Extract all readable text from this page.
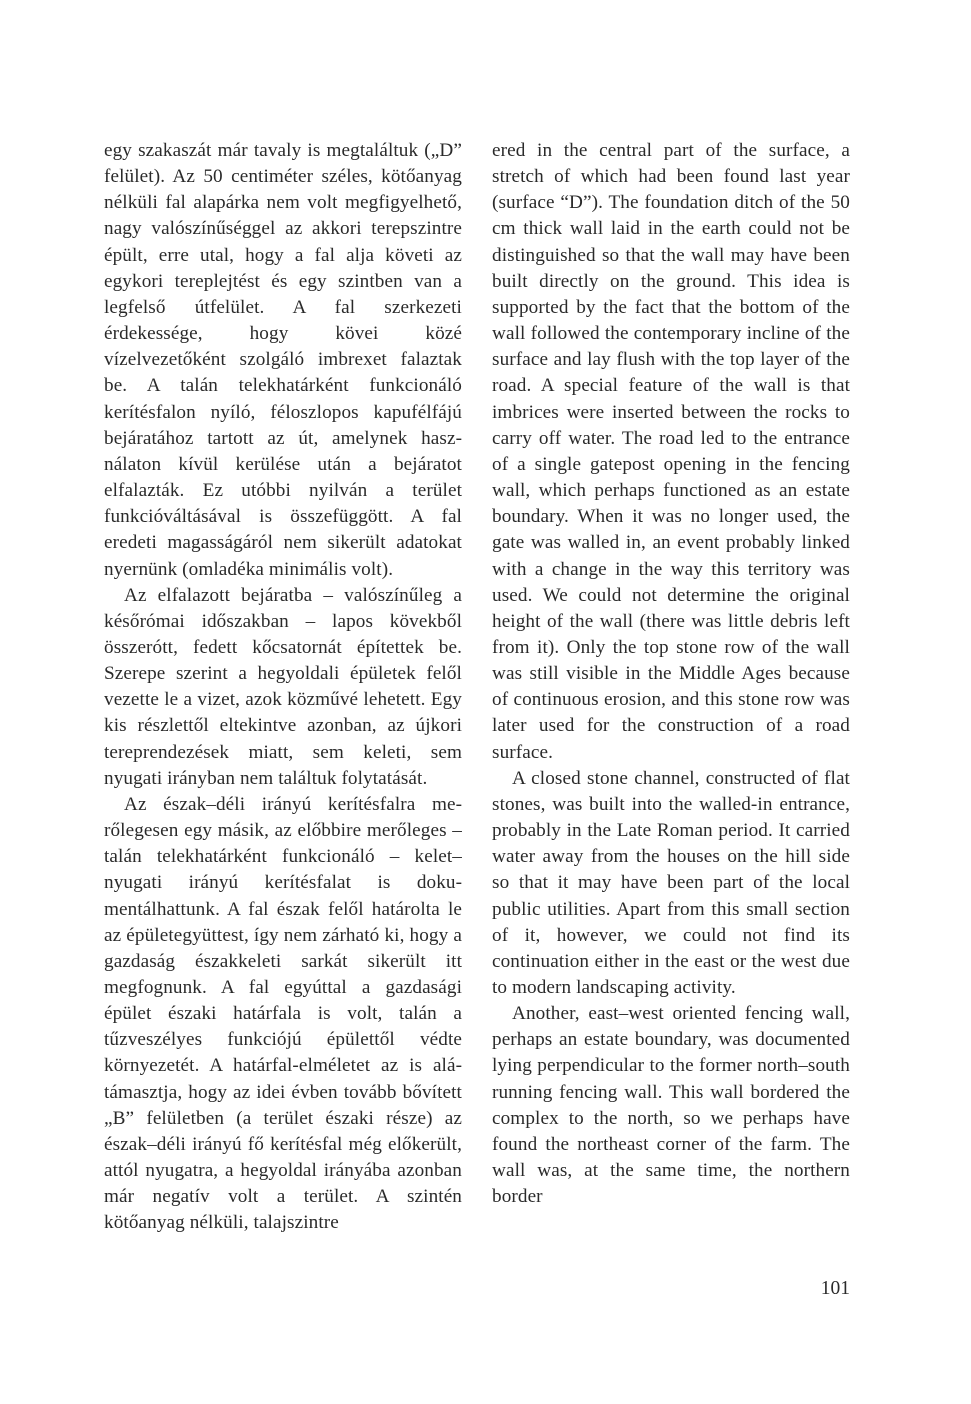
egy szakaszát már tavaly is megtaláltuk („D” felület). Az 50 centiméter széles, kötőanyag nélküli fal alapárka nem volt megfigyelhető, nagy valószínűséggel az akkori terepszintre épült, erre utal, hogy a fal alja követi az egykori tereplejtést és egy szintben van a legfelső útfelület. A fal szerkezeti érdekessége, hogy kövei közé vízelvezetőként szolgáló imbrexet falaztak be. A talán telekhatárként funkcionáló kerítésfalon nyíló, féloszlopos kapufélfájú bejáratához tartott az út, amelynek használaton kívül kerülése után a bejáratot elfalazták. Ez utóbbi nyilván a terület funkcióváltásával is összefüggött. A fal eredeti magasságáról nem sikerült adatokat nyernünk (omladéka minimális volt).

Az elfalazott bejáratba – valószínűleg a későrómai időszakban – lapos kövekből összerótt, fedett kőcsatornát építettek be. Szerepe szerint a hegyoldali épületek felől vezette le a vizet, azok közművé lehetett. Egy kis részlettől eltekintve azonban, az újkori tereprendezések miatt, sem keleti, sem nyugati irányban nem találtuk folytatását.

Az észak–déli irányú kerítésfalra merőlegesen egy másik, az előbbire merőleges – talán telekhatárként funkcionáló – kelet–nyugati irányú kerítésfalat is dokumentálhattunk. A fal észak felől határolta le az épületegyüttest, így nem zárható ki, hogy a gazdaság északkeleti sarkát sikerült itt megfognunk. A fal egyúttal a gazdasági épület északi határfala is volt, talán a tűzveszélyes funkciójú épülettől védte környezetét. A határfal-elméletet az is alátámasztja, hogy az idei évben tovább bővített „B” felületben (a terület északi része) az észak–déli irányú fő kerítésfal még előkerült, attól nyugatra, a hegyoldal irányába azonban már negatív volt a terület. A szintén kötőanyag nélküli, talajszintre

ered in the central part of the surface, a stretch of which had been found last year (surface “D”). The foundation ditch of the 50 cm thick wall laid in the earth could not be distinguished so that the wall may have been built directly on the ground. This idea is supported by the fact that the bottom of the wall followed the contemporary incline of the surface and lay flush with the top layer of the road. A special feature of the wall is that imbrices were inserted between the rocks to carry off water. The road led to the entrance of a single gatepost opening in the fencing wall, which perhaps functioned as an estate boundary. When it was no longer used, the gate was walled in, an event probably linked with a change in the way this territory was used. We could not determine the original height of the wall (there was little debris left from it). Only the top stone row of the wall was still visible in the Middle Ages because of continuous erosion, and this stone row was later used for the construction of a road surface.

A closed stone channel, constructed of flat stones, was built into the walled-in entrance, probably in the Late Roman period. It carried water away from the houses on the hill side so that it may have been part of the local public utilities. Apart from this small section of it, however, we could not find its continuation either in the east or the west due to modern landscaping activity.

Another, east–west oriented fencing wall, perhaps an estate boundary, was documented lying perpendicular to the former north–south running fencing wall. This wall bordered the complex to the north, so we perhaps have found the northeast corner of the farm. The wall was, at the same time, the northern border

101
